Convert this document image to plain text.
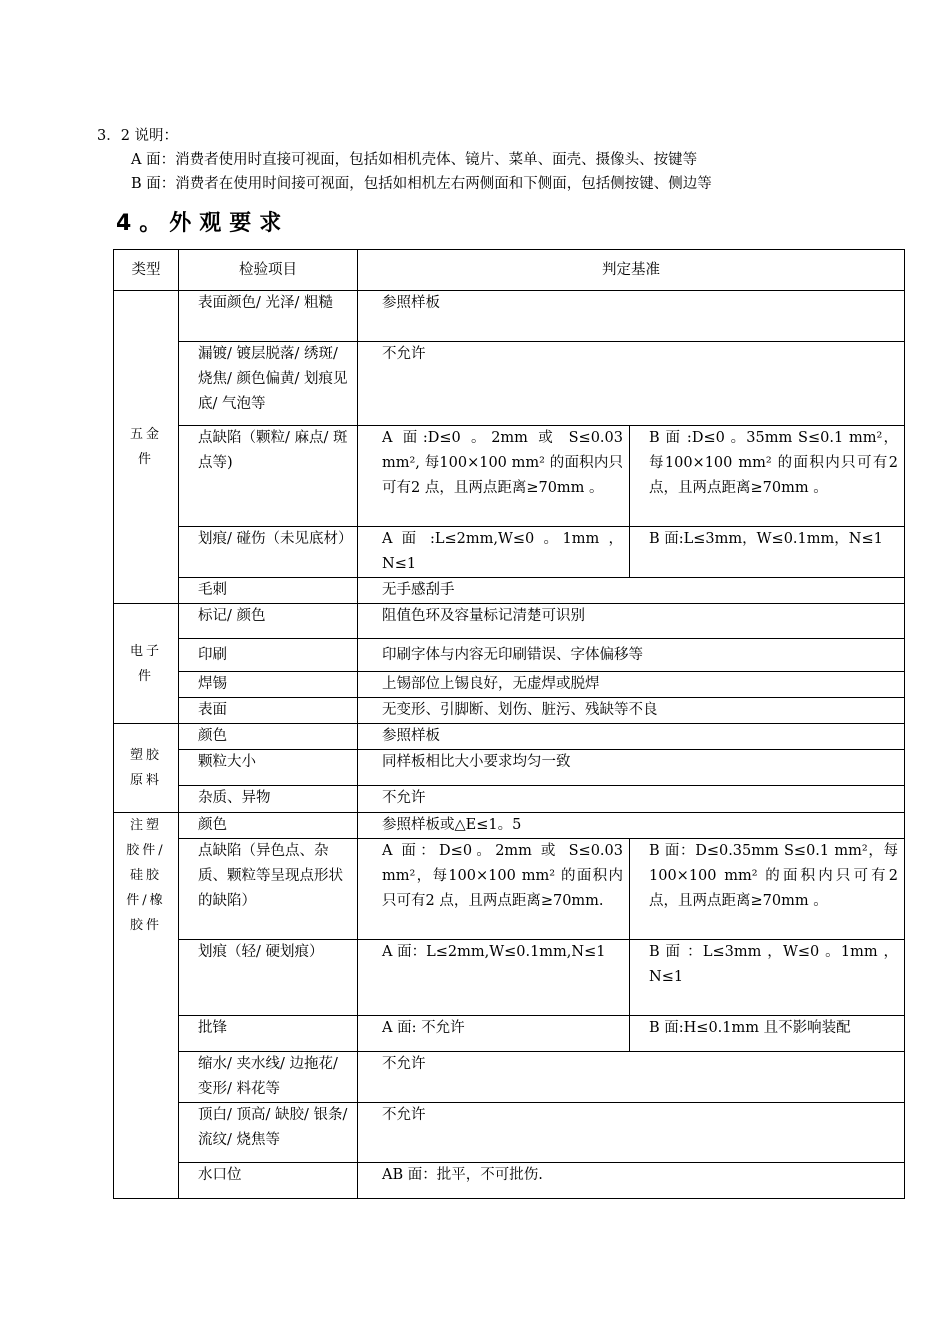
3．2 说明：
A 面：消费者使用时直接可视面，包括如相机壳体、镜片、菜单、面壳、摄像头、按键等
B 面：消费者在使用时间接可视面，包括如相机左右两侧面和下侧面，包括侧按键、侧边等
4。外观要求
类型	检验项目	判定基准	
五金件	表面颜色/ 光泽/ 粗糙	参照样板	
	漏镀/ 镀层脱落/ 绣斑/ 烧焦/ 颜色偏黄/ 划痕见底/ 气泡等	不允许	
	点缺陷（颗粒/ 麻点/ 斑点等)	A 面:D≤0 。2mm 或 S≤0.03 mm², 每100×100 mm² 的面积内只可有2 点，且两点距离≥70mm 。	B 面 :D≤0 。35mm S≤0.1 mm²，每100×100 mm² 的面积内只可有2 点，且两点距离≥70mm 。
	划痕/ 碰伤（未见底材）	A 面 :L≤2mm,W≤0 。1mm ，N≤1	B 面:L≤3mm，W≤0.1mm，N≤1
	毛刺	无手感刮手	
电子件	标记/ 颜色	阻值色环及容量标记清楚可识别	
	印刷	印刷字体与内容无印刷错误、字体偏移等	
	焊锡	上锡部位上锡良好，无虚焊或脱焊	
	表面	无变形、引脚断、划伤、脏污、残缺等不良	
塑胶原料	颜色	参照样板	
	颗粒大小	同样板相比大小要求均匀一致	
	杂质、异物	不允许	
注塑胶件/硅胶件/橡胶件	颜色	参照样板或△E≤1。5	
	点缺陷（异色点、杂质、颗粒等呈现点形状的缺陷）	A 面：D≤0。2mm 或 S≤0.03 mm²，每100×100 mm² 的面积内只可有2 点，且两点距离≥70mm.	B 面：D≤0.35mm S≤0.1 mm²，每100×100 mm² 的面积内只可有2点，且两点距离≥70mm 。
	划痕（轻/ 硬划痕）	A 面：L≤2mm,W≤0.1mm,N≤1	B 面 ：L≤3mm ，W≤0 。1mm ，N≤1
	批锋	A 面: 不允许	B 面:H≤0.1mm 且不影响装配
	缩水/ 夹水线/ 边拖花/ 变形/ 料花等	不允许	
	顶白/ 顶高/ 缺胶/ 银条/ 流纹/ 烧焦等	不允许	
	水口位	AB 面：批平，不可批伤.	
